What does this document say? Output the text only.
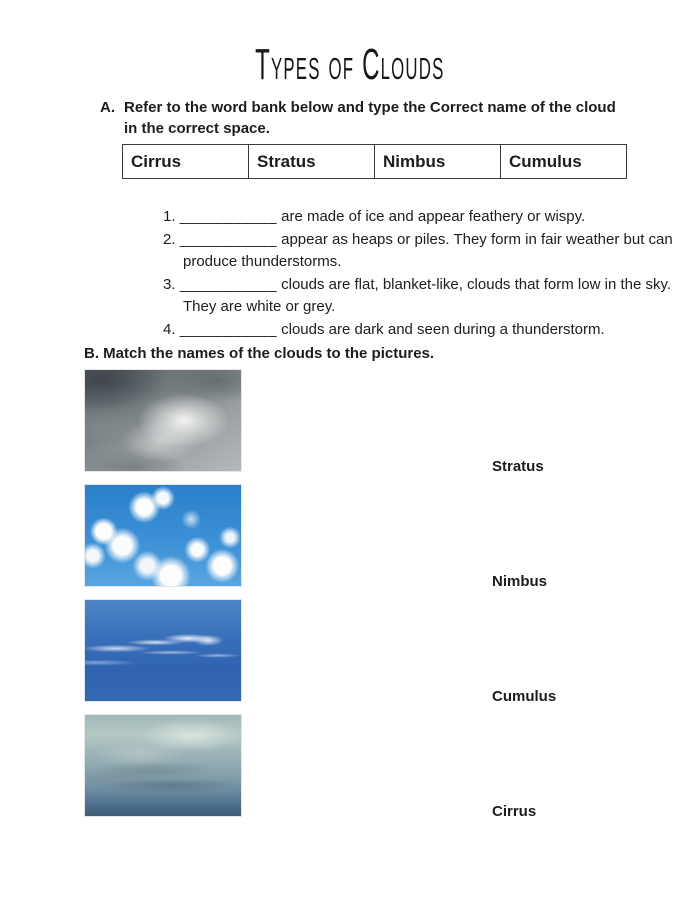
Types of Clouds
A. Refer to the word bank below and type the Correct name of the cloud in the correct space.

Cirrus	Stratus	Nimbus	Cumulus
1. ___________ are made of ice and appear feathery or wispy.
2. ___________ appear as heaps or piles. They form in fair weather but can produce thunderstorms.
3. ___________ clouds are flat, blanket-like, clouds that form low in the sky. They are white or grey.
4. ___________ clouds are dark and seen during a thunderstorm.
B. Match the names of the clouds to the pictures.
Stratus
Nimbus
Cumulus
Cirrus
